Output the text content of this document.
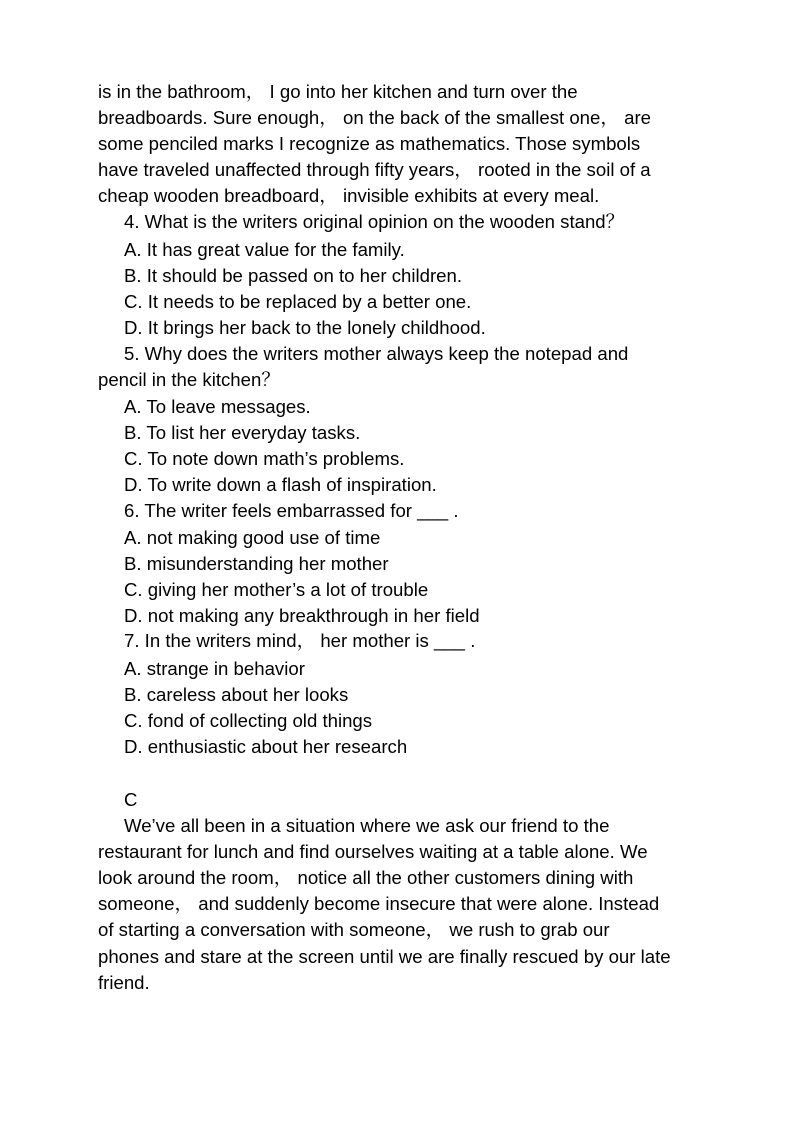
is in the bathroom， I go into her kitchen and turn over the
breadboards. Sure enough， on the back of the smallest one， are
some penciled marks I recognize as mathematics. Those symbols
have traveled unaffected through fifty years， rooted in the soil of a
cheap wooden breadboard， invisible exhibits at every meal.
4. What is the writers original opinion on the wooden stand？
A. It has great value for the family.
B. It should be passed on to her children.
C. It needs to be replaced by a better one.
D. It brings her back to the lonely childhood.
5. Why does the writers mother always keep the notepad and
pencil in the kitchen？
A. To leave messages.
B. To list her everyday tasks.
C. To note down math’s problems.
D. To write down a flash of inspiration.
6. The writer feels embarrassed for ___ .
A. not making good use of time
B. misunderstanding her mother
C. giving her mother’s a lot of trouble
D. not making any breakthrough in her field
7. In the writers mind， her mother is ___ .
A. strange in behavior
B. careless about her looks
C. fond of collecting old things
D. enthusiastic about her research
C
We’ve all been in a situation where we ask our friend to the
restaurant for lunch and find ourselves waiting at a table alone. We
look around the room， notice all the other customers dining with
someone， and suddenly become insecure that were alone. Instead
of starting a conversation with someone， we rush to grab our
phones and stare at the screen until we are finally rescued by our late
friend.
